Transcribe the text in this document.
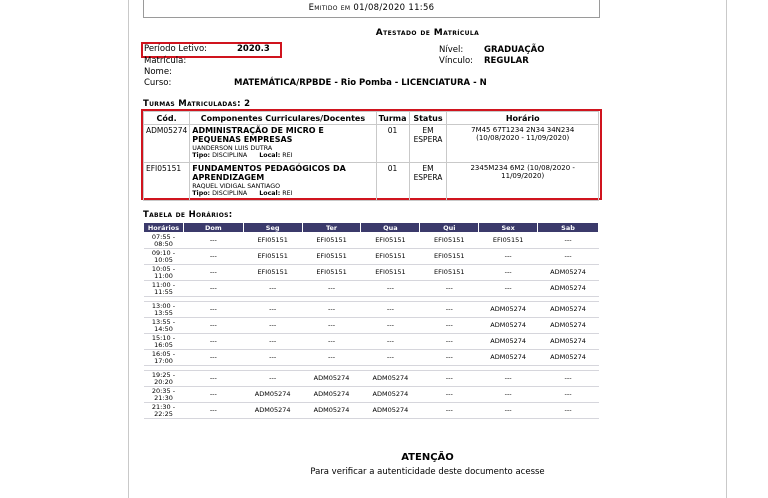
Emitido em 01/08/2020 11:56
Atestado de Matrícula
Período Letivo:	2020.3
Matrícula:
Nome:
Curso:	MATEMÁTICA/RPBDE - Rio Pomba - LICENCIATURA - N
Nível: GRADUAÇÃO
Vínculo: REGULAR
Turmas Matriculadas: 2
Cód.	Componentes Curriculares/Docentes	Turma	Status	Horário
ADM05274	ADMINISTRAÇÃO DE MICRO E PEQUENAS EMPRESAS
UANDERSON LUIS DUTRA
Tipo: DISCIPLINA Local: REI	01	EM ESPERA	7M45 67T1234 2N34 34N234 (10/08/2020 - 11/09/2020)
EFI05151	FUNDAMENTOS PEDAGÓGICOS DA APRENDIZAGEM
RAQUEL VIDIGAL SANTIAGO
Tipo: DISCIPLINA Local: REI	01	EM ESPERA	2345M234 6M2 (10/08/2020 - 11/09/2020)
Tabela de Horários:
Horários	Dom	Seg	Ter	Qua	Qui	Sex	Sab
07:55 - 08:50	---	EFI05151	EFI05151	EFI05151	EFI05151	EFI05151	---
09:10 - 10:05	---	EFI05151	EFI05151	EFI05151	EFI05151	---	---
10:05 - 11:00	---	EFI05151	EFI05151	EFI05151	EFI05151	---	ADM05274
11:00 - 11:55	---	---	---	---	---	---	ADM05274

13:00 - 13:55	---	---	---	---	---	ADM05274	ADM05274
13:55 - 14:50	---	---	---	---	---	ADM05274	ADM05274
15:10 - 16:05	---	---	---	---	---	ADM05274	ADM05274
16:05 - 17:00	---	---	---	---	---	ADM05274	ADM05274

19:25 - 20:20	---	---	ADM05274	ADM05274	---	---	---
20:35 - 21:30	---	ADM05274	ADM05274	ADM05274	---	---	---
21:30 - 22:25	---	ADM05274	ADM05274	ADM05274	---	---	---
ATENÇÃO
Para verificar a autenticidade deste documento acesse
